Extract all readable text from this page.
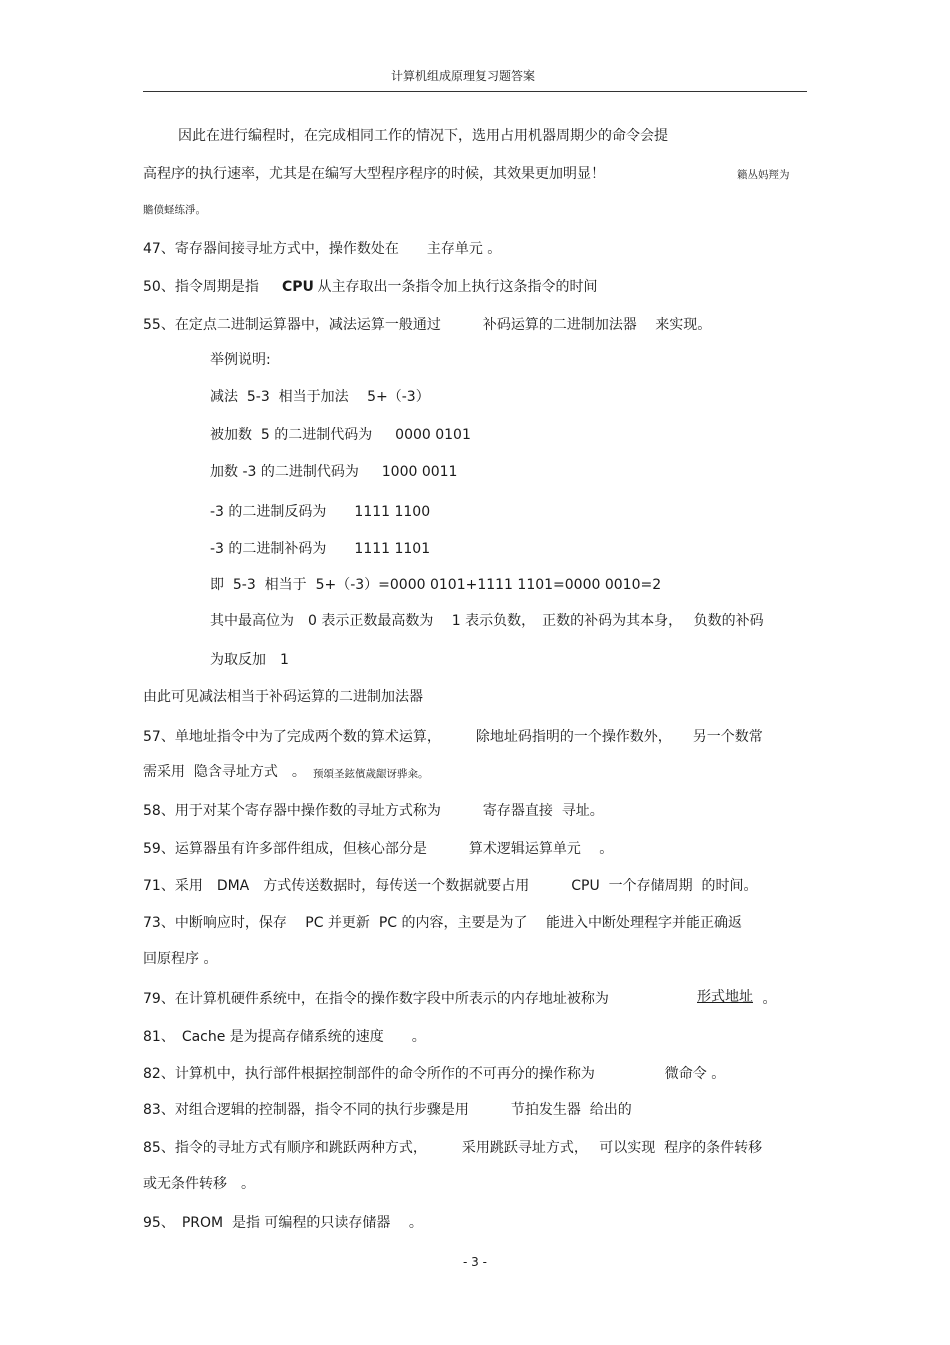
计算机组成原理复习题答案
因此在进行编程时，在完成相同工作的情况下，选用占用机器周期少的命令会提
高程序的执行速率，尤其是在编写大型程序程序的时候，其效果更加明显！	籟丛妈羥为
贍偾蛏练淨。
47、寄存器间接寻址方式中，操作数处在　　主存单元 。
50、指令周期是指　 CPU 从主存取出一条指令加上执行这条指令的时间
55、在定点二进制运算器中，减法运算一般通过　　　补码运算的二进制加法器　 来实现。
举例说明:
减法  5-3  相当于加法　 5+（-3）
被加数  5 的二进制代码为　  0000 0101
加数 -3 的二进制代码为　  1000 0011
-3 的二进制反码为　　1111 1100
-3 的二进制补码为　　1111 1101
即  5-3  相当于  5+（-3）=0000 0101+1111 1101=0000 0010=2
其中最高位为　0 表示正数最高数为　 1 表示负数，　正数的补码为其本身，　 负数的补码
为取反加　1
由此可见减法相当于补码运算的二进制加法器
57、单地址指令中为了完成两个数的算术运算，　　　除地址码指明的一个操作数外，　　另一个数常
需采用  隐含寻址方式　。 预頌圣鉉儐歲龈讶骅籴。
58、用于对某个寄存器中操作数的寻址方式称为　　　寄存器直接  寻址。
59、运算器虽有许多部件组成，但核心部分是　　　算术逻辑运算单元　 。
71、采用　DMA　方式传送数据时，每传送一个数据就要占用　　　CPU  一个存储周期  的时间。
73、中断响应时，保存　 PC 并更新  PC 的内容，主要是为了　 能进入中断处理程字并能正确返
回原程序 。
79、在计算机硬件系统中，在指令的操作数字段中所表示的内存地址被称为　　　　　 形式地址 。
81、　Cache 是为提高存储系统的速度　　。
82、计算机中，执行部件根据控制部件的命令所作的不可再分的操作称为　　　　　微命令 。
83、对组合逻辑的控制器，指令不同的执行步骤是用　　　节拍发生器  给出的
85、指令的寻址方式有顺序和跳跃两种方式，　　　采用跳跃寻址方式，　 可以实现  程序的条件转移
或无条件转移　。
95、　PROM  是指 可编程的只读存储器　 。
- 3 -
